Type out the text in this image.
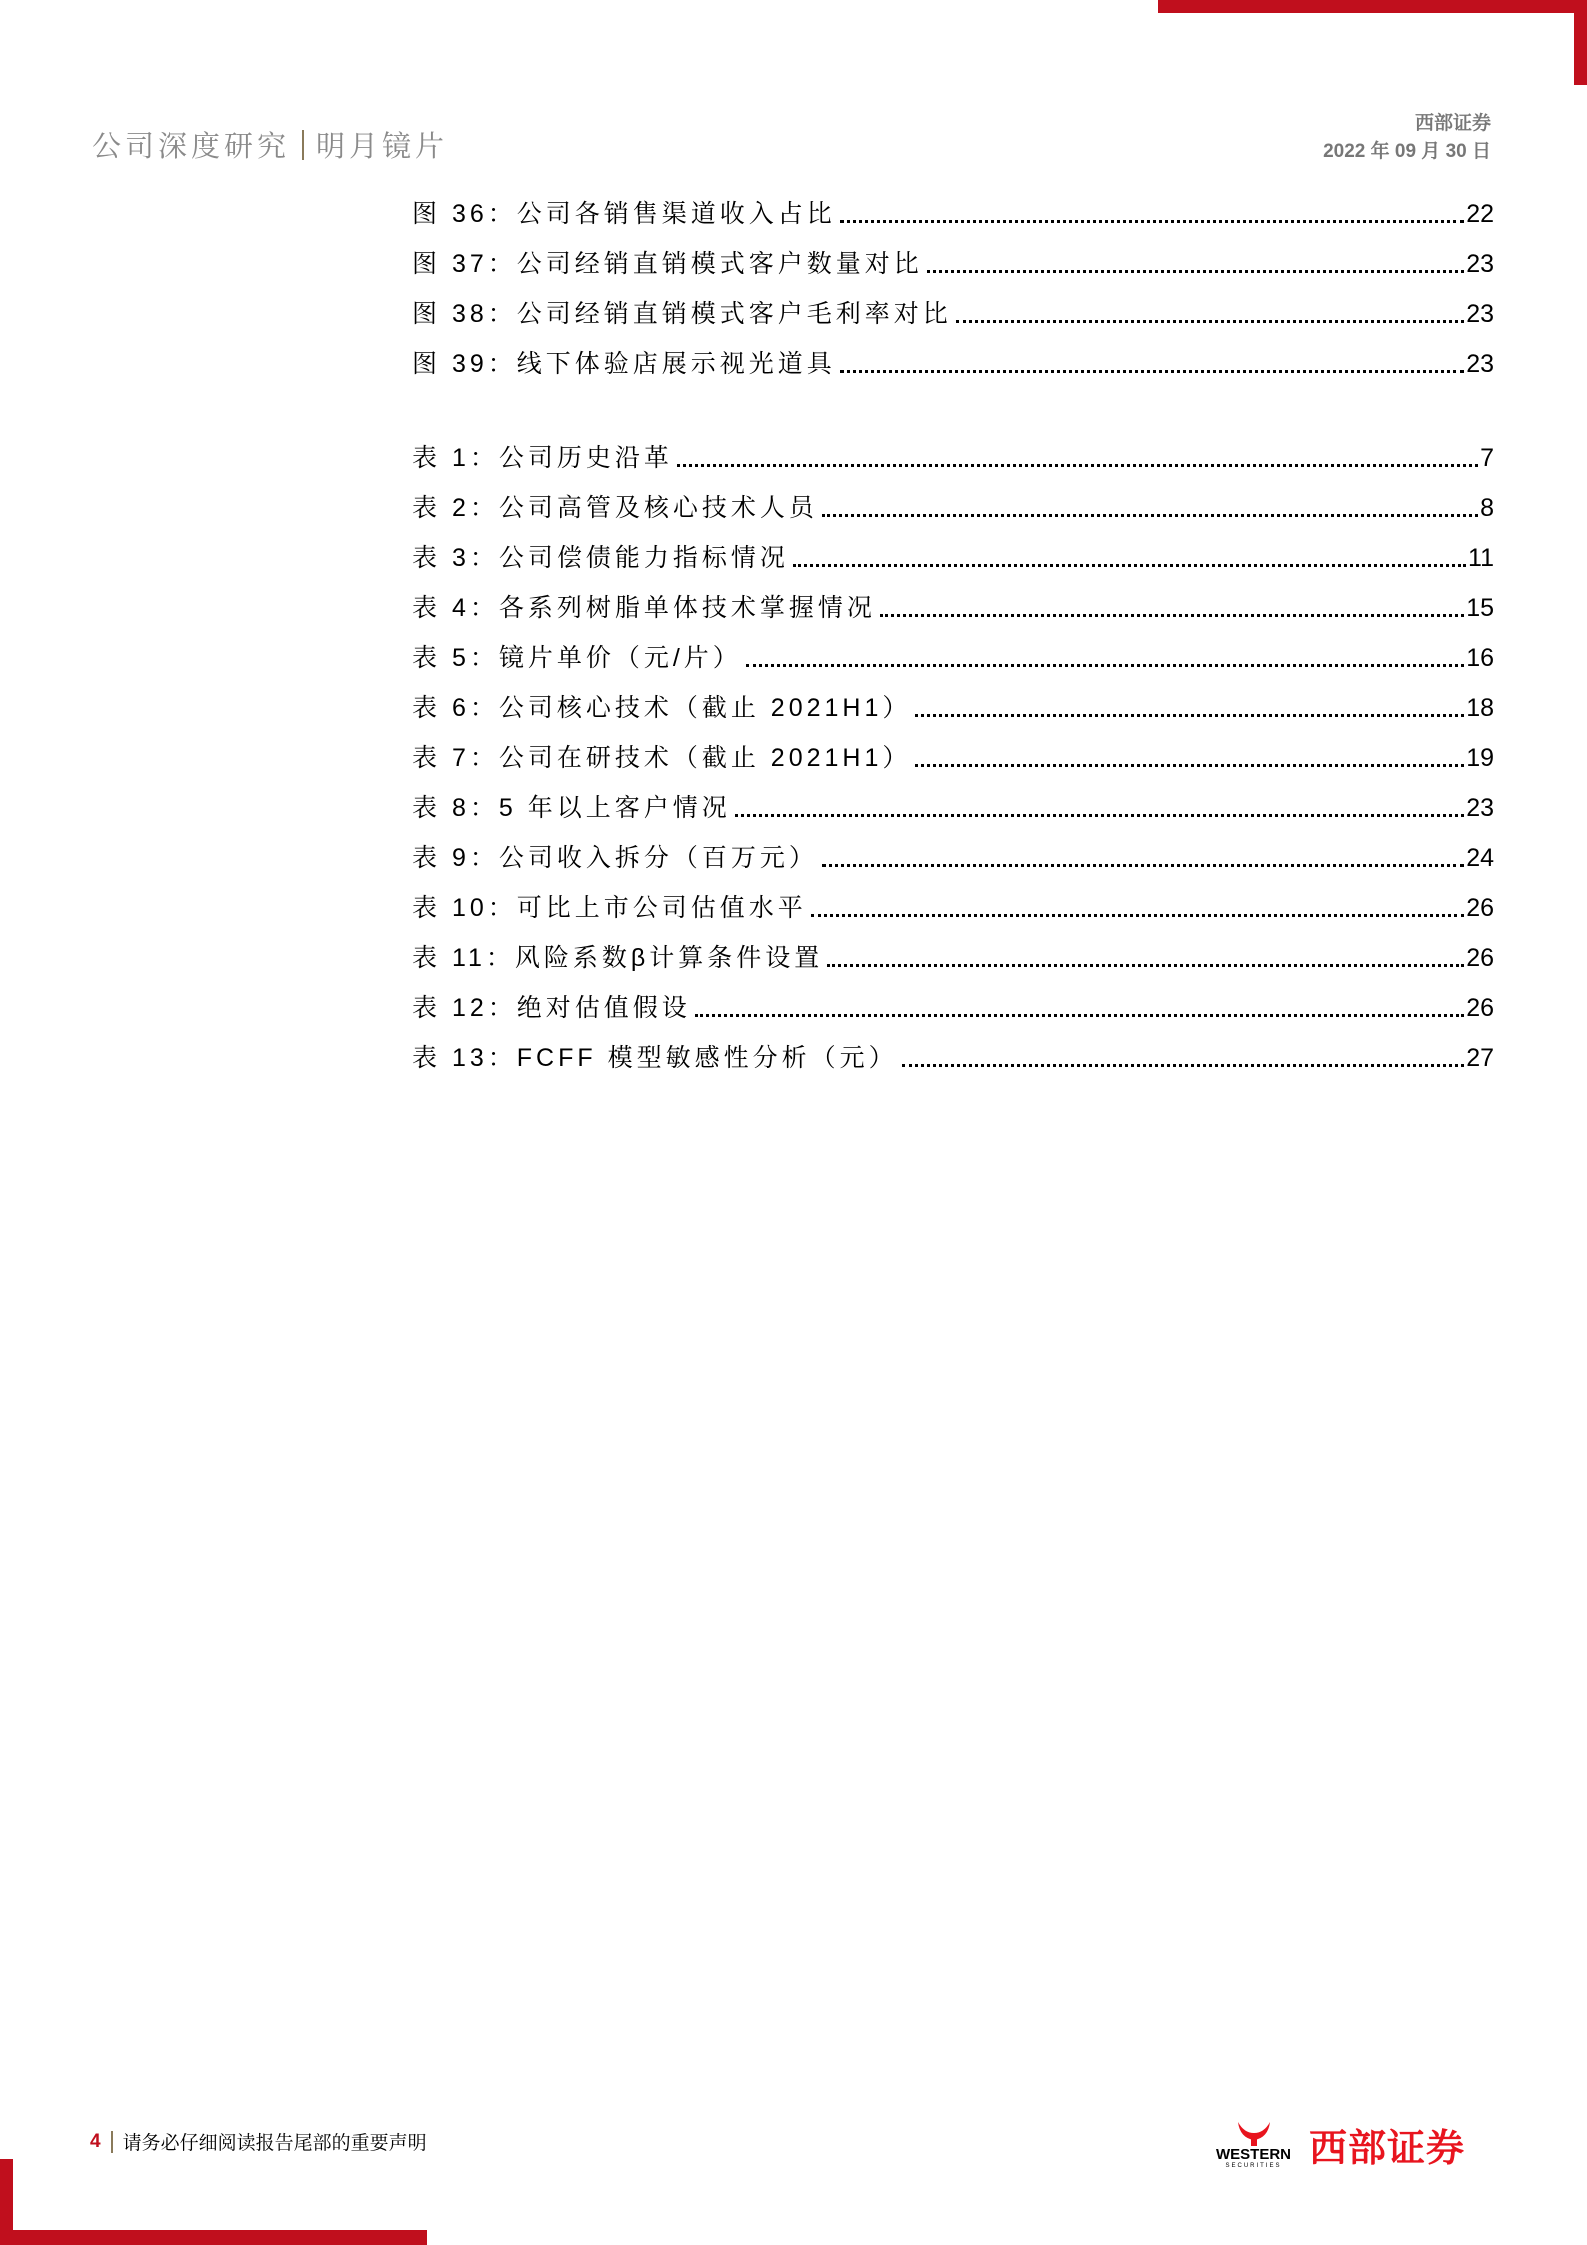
公司深度研究 明月镜片
西部证券
2022 年 09 月 30 日
图 36：公司各销售渠道收入占比	22
图 37：公司经销直销模式客户数量对比	23
图 38：公司经销直销模式客户毛利率对比	23
图 39：线下体验店展示视光道具	23
表 1：公司历史沿革	7
表 2：公司高管及核心技术人员	8
表 3：公司偿债能力指标情况	11
表 4：各系列树脂单体技术掌握情况	15
表 5：镜片单价（元/片）	16
表 6：公司核心技术（截止 2021H1）	18
表 7：公司在研技术（截止 2021H1）	19
表 8：5 年以上客户情况	23
表 9：公司收入拆分（百万元）	24
表 10：可比上市公司估值水平	26
表 11：风险系数β计算条件设置	26
表 12：绝对估值假设	26
表 13：FCFF 模型敏感性分析（元）	27
4 请务必仔细阅读报告尾部的重要声明
WESTERN
SECURITIES 西部证券
